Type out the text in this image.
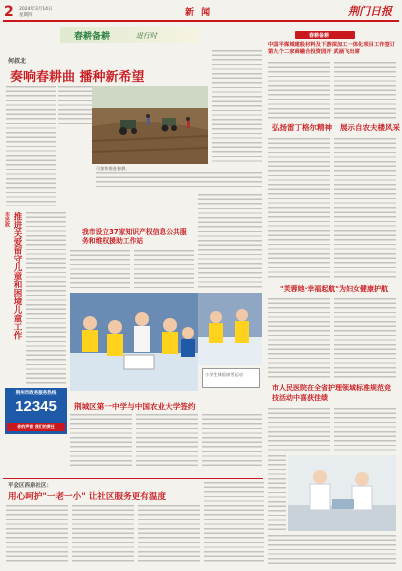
2 2024年3月14日
星期四	新 闻	荆门日报
春耕备耕	进行时
何叔北
奏响春耕曲 播种新希望
可加快推进春耕。
春耕备耕
中国平煤城建股材料及下游深加工一体化项目工作签订第九个二家商融合投资园开 武涵飞出席
弘扬雷丁格尔精神 展示自农夫楼风采
市民政 推进关爱留守儿童和困境儿童工作
荆州市政务服务热线
12345
你的声音 我们的责任
我市设立37家知识产权信息公共服务和维权援助工作站
小学生体验冰雪运动
荆城区第一中学与中国农业大学签约
"芙蓉她·幸福起航"为妇女健康护航
市人民医院在全省护理领域标准规范竞技活动中喜获佳绩
平会区西泉社区：
用心呵护"一老一小" 让社区服务更有温度
